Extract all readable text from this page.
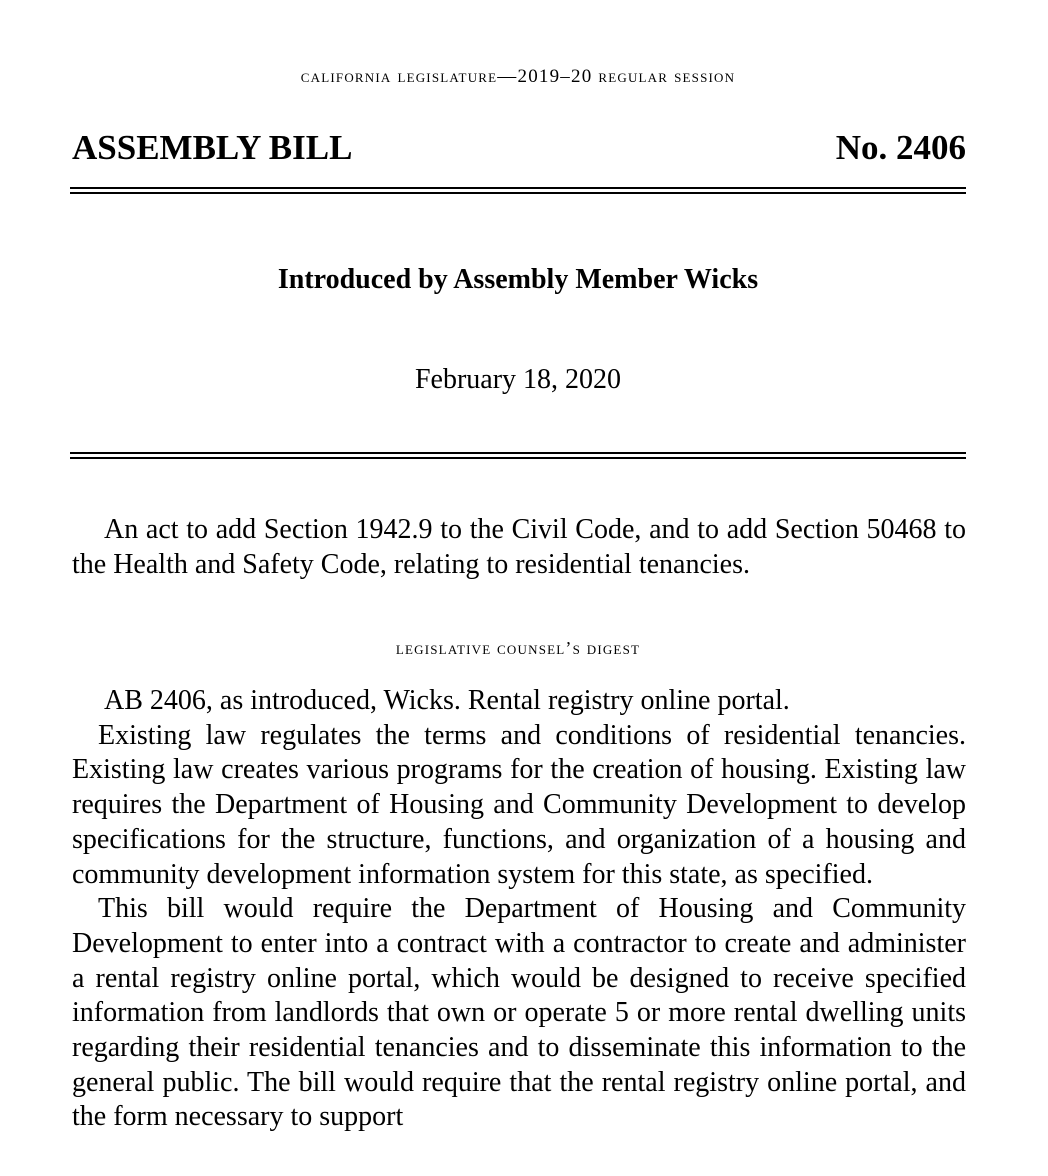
california legislature—2019–20 regular session
ASSEMBLY BILL	No. 2406
Introduced by Assembly Member Wicks
February 18, 2020
An act to add Section 1942.9 to the Civil Code, and to add Section 50468 to the Health and Safety Code, relating to residential tenancies.
legislative counsel’s digest

AB 2406, as introduced, Wicks. Rental registry online portal.

Existing law regulates the terms and conditions of residential tenancies. Existing law creates various programs for the creation of housing. Existing law requires the Department of Housing and Community Development to develop specifications for the structure, functions, and organization of a housing and community development information system for this state, as specified.

This bill would require the Department of Housing and Community Development to enter into a contract with a contractor to create and administer a rental registry online portal, which would be designed to receive specified information from landlords that own or operate 5 or more rental dwelling units regarding their residential tenancies and to disseminate this information to the general public. The bill would require that the rental registry online portal, and the form necessary to support
